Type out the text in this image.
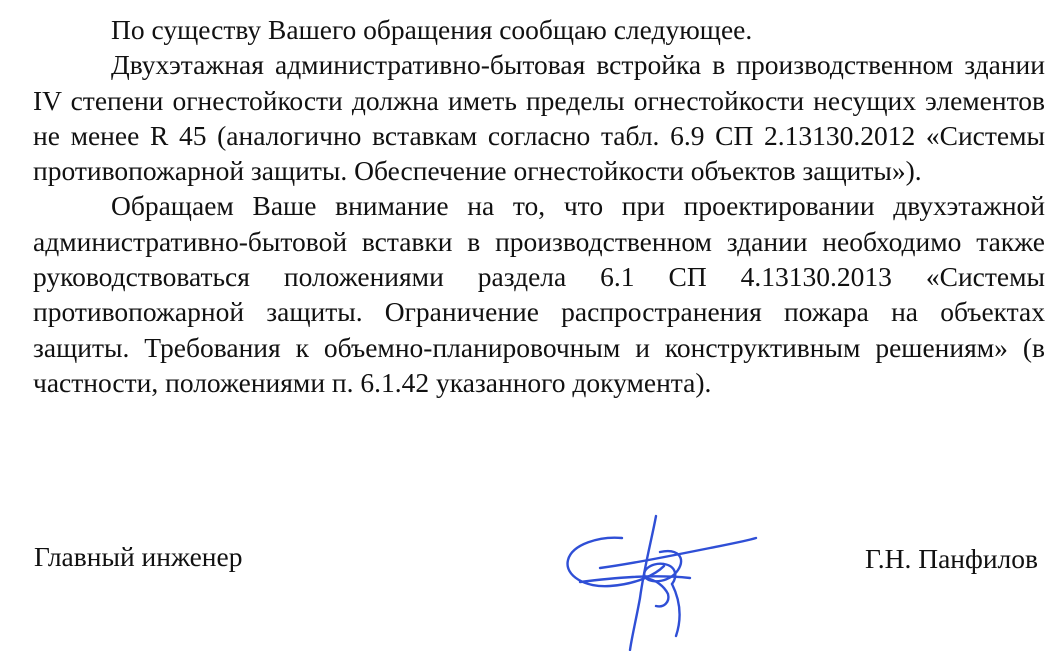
По существу Вашего обращения сообщаю следующее.

Двухэтажная административно-бытовая встройка в производственном здании IV степени огнестойкости должна иметь пределы огнестойкости несущих элементов не менее R 45 (аналогично вставкам согласно табл. 6.9 СП 2.13130.2012 «Системы противопожарной защиты. Обеспечение огнестойкости объектов защиты»).

Обращаем Ваше внимание на то, что при проектировании двухэтажной административно-бытовой вставки в производственном здании необходимо также руководствоваться положениями раздела 6.1 СП 4.13130.2013 «Системы противопожарной защиты. Ограничение распространения пожара на объектах защиты. Требования к объемно-планировочным и конструктивным решениям» (в частности, положениями п. 6.1.42 указанного документа).

Главный инженер	Г.Н. Панфилов
